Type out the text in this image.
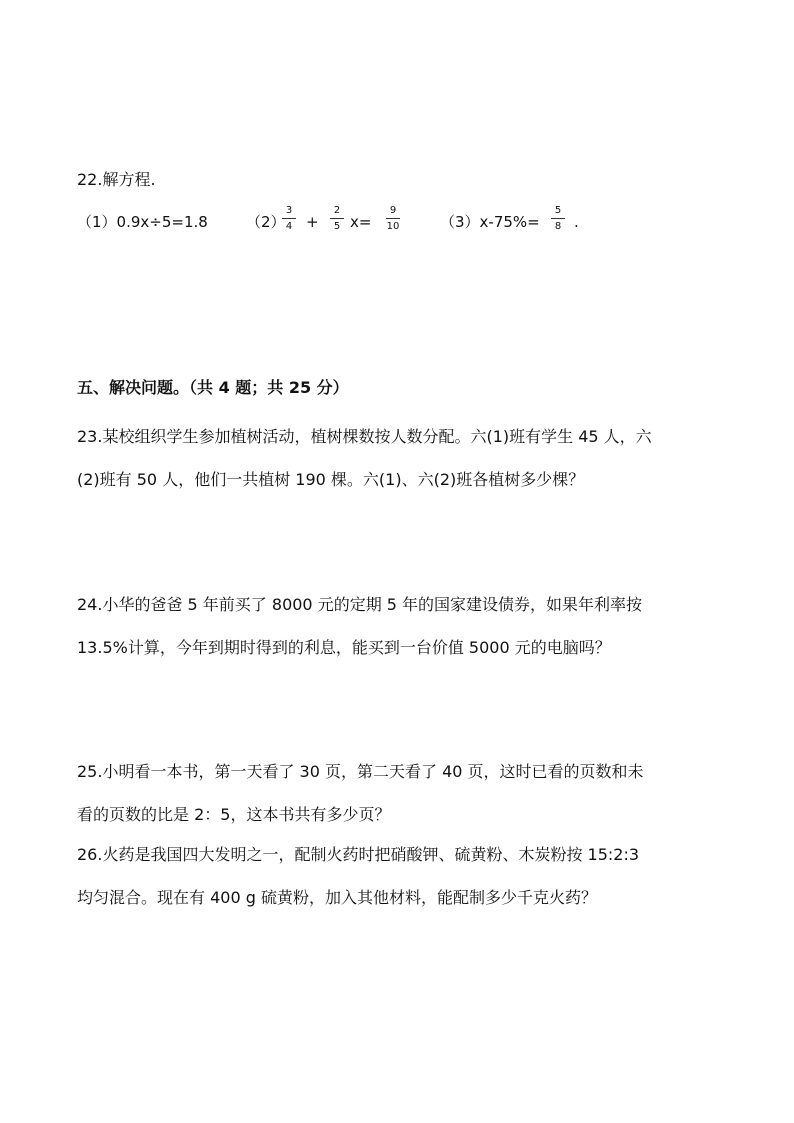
22.解方程.
（1）0.9x÷5=1.8	（2）
3
4 +
2
5 x=
9
10	（3）x-75%=
5
8 .
五、解决问题。（共 4 题；共 25 分）
23.某校组织学生参加植树活动，植树棵数按人数分配。六(1)班有学生 45 人，六
(2)班有 50 人，他们一共植树 190 棵。六(1)、六(2)班各植树多少棵？
24.小华的爸爸 5 年前买了 8000 元的定期 5 年的国家建设债券，如果年利率按
13.5%计算，今年到期时得到的利息，能买到一台价值 5000 元的电脑吗？
25.小明看一本书，第一天看了 30 页，第二天看了 40 页，这时已看的页数和未
看的页数的比是 2：5，这本书共有多少页？
26.火药是我国四大发明之一，配制火药时把硝酸钾、硫黄粉、木炭粉按 15:2:3
均匀混合。现在有 400 g 硫黄粉，加入其他材料，能配制多少千克火药？
